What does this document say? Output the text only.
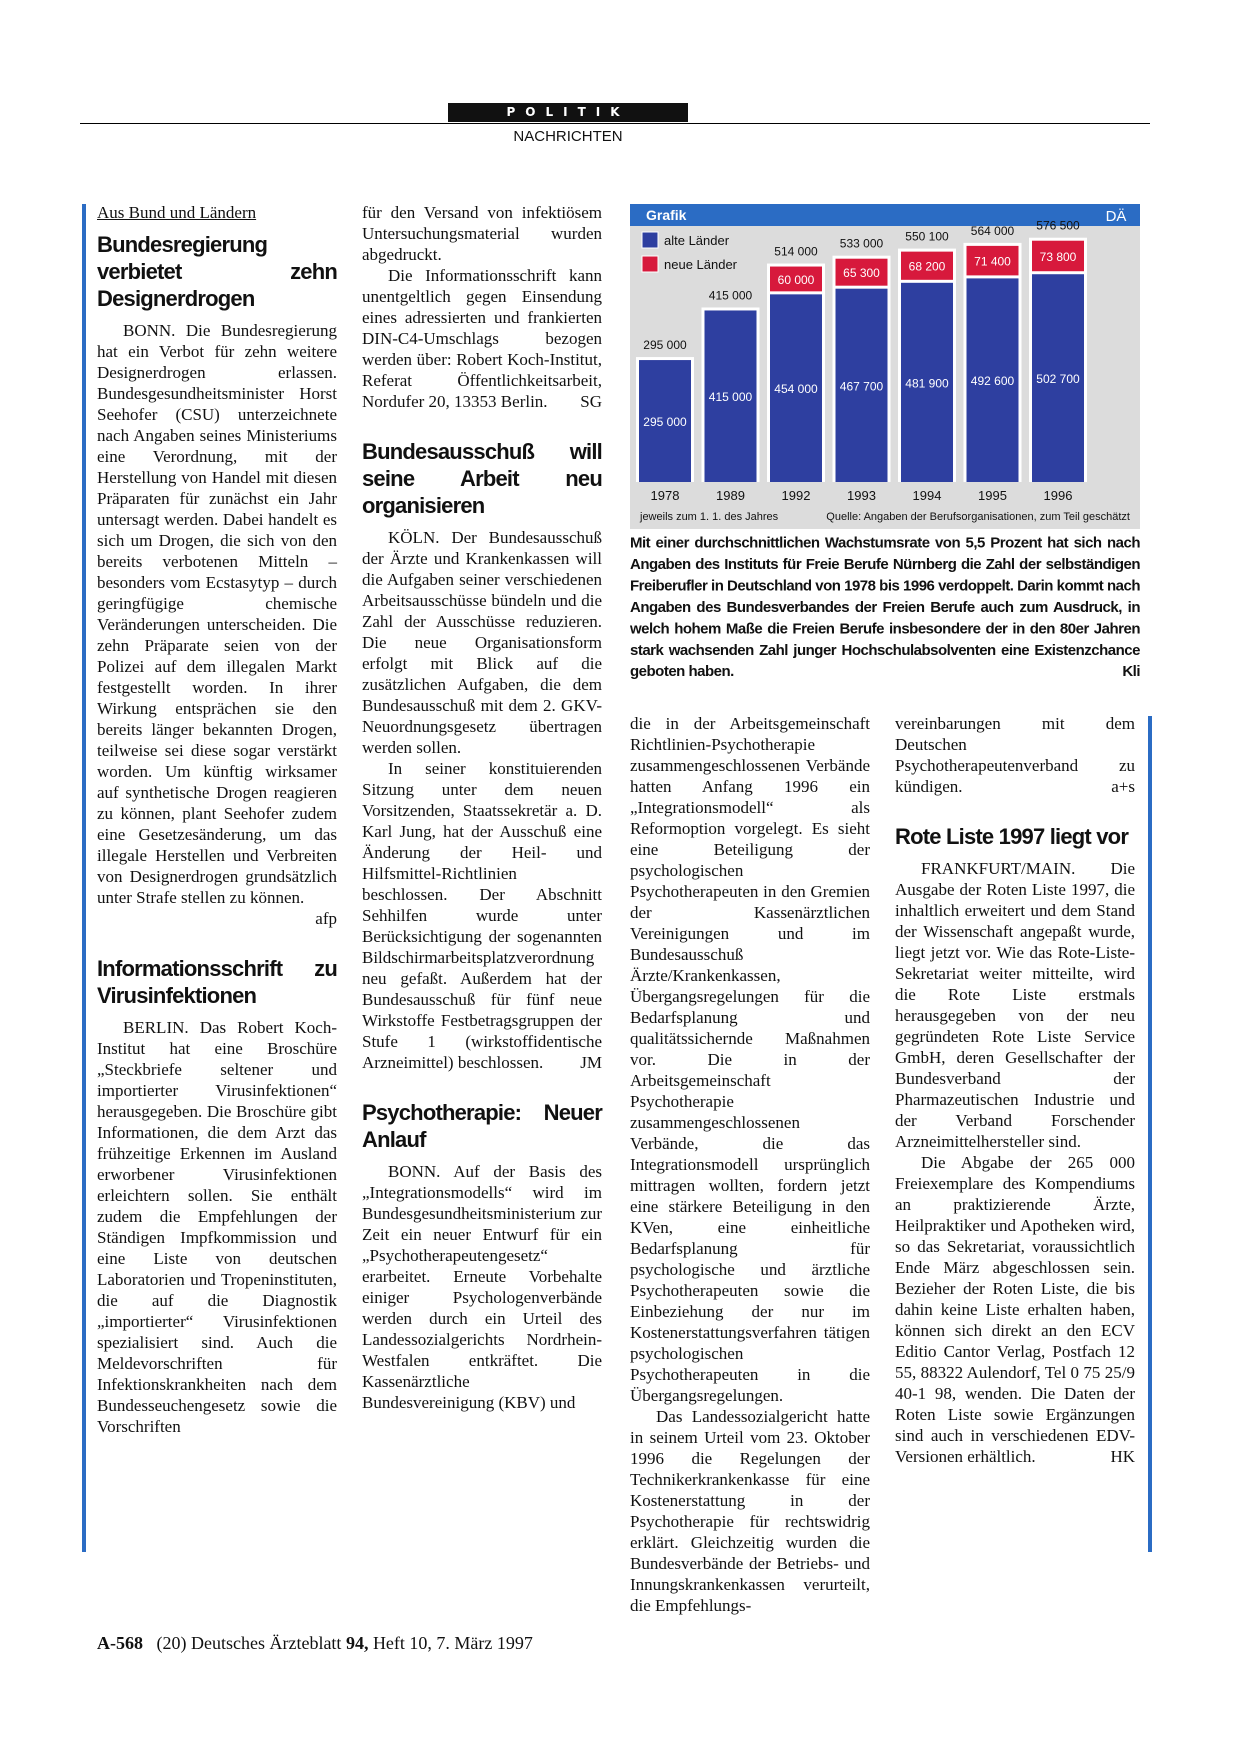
POLITIK
NACHRICHTEN
Aus Bund und Ländern
Bundesregierung verbietet zehn Designerdrogen

BONN. Die Bundesregierung hat ein Verbot für zehn weitere Designerdrogen erlassen. Bundesgesundheitsminister Horst Seehofer (CSU) unterzeichnete nach Angaben seines Ministeriums eine Verordnung, mit der Herstellung von Handel mit diesen Präparaten für zunächst ein Jahr untersagt werden. Dabei handelt es sich um Drogen, die sich von den bereits verbotenen Mitteln – besonders vom Ecstasytyp – durch geringfügige chemische Veränderungen unterscheiden. Die zehn Präparate seien von der Polizei auf dem illegalen Markt festgestellt worden. In ihrer Wirkung entsprächen sie den bereits länger bekannten Drogen, teilweise sei diese sogar verstärkt worden. Um künftig wirksamer auf synthetische Drogen reagieren zu können, plant Seehofer zudem eine Gesetzesänderung, um das illegale Herstellen und Verbreiten von Designerdrogen grundsätzlich unter Strafe stellen zu können.
afp

Informationsschrift zu Virusinfektionen

BERLIN. Das Robert Koch-Institut hat eine Broschüre „Steckbriefe seltener und importierter Virusinfektionen“ herausgegeben. Die Broschüre gibt Informationen, die dem Arzt das frühzeitige Erkennen im Ausland erworbener Virusinfektionen erleichtern sollen. Sie enthält zudem die Empfehlungen der Ständigen Impfkommission und eine Liste von deutschen Laboratorien und Tropeninstituten, die auf die Diagnostik „importierter“ Virusinfektionen spezialisiert sind. Auch die Meldevorschriften für Infektionskrankheiten nach dem Bundesseuchengesetz sowie die Vorschriften

für den Versand von infektiösem Untersuchungsmaterial wurden abgedruckt.

Die Informationsschrift kann unentgeltlich gegen Einsendung eines adressierten und frankierten DIN-C4-Umschlags bezogen werden über: Robert Koch-Institut, Referat Öffentlichkeitsarbeit, Nordufer 20, 13353 Berlin.	SG

Bundesausschuß will seine Arbeit neu organisieren

KÖLN. Der Bundesausschuß der Ärzte und Krankenkassen will die Aufgaben seiner verschiedenen Arbeitsausschüsse bündeln und die Zahl der Ausschüsse reduzieren. Die neue Organisationsform erfolgt mit Blick auf die zusätzlichen Aufgaben, die dem Bundesausschuß mit dem 2. GKV-Neuordnungsgesetz übertragen werden sollen.

In seiner konstituierenden Sitzung unter dem neuen Vorsitzenden, Staatssekretär a. D. Karl Jung, hat der Ausschuß eine Änderung der Heil- und Hilfsmittel-Richtlinien beschlossen. Der Abschnitt Sehhilfen wurde unter Berücksichtigung der sogenannten Bildschirmarbeitsplatzverordnung neu gefaßt. Außerdem hat der Bundesausschuß für fünf neue Wirkstoffe Festbetragsgruppen der Stufe 1 (wirkstoffidentische Arzneimittel) beschlossen.	JM

Psychotherapie: Neuer Anlauf

BONN. Auf der Basis des „Integrationsmodells“ wird im Bundesgesundheitsministerium zur Zeit ein neuer Entwurf für ein „Psychotherapeutengesetz“ erarbeitet. Erneute Vorbehalte einiger Psychologenverbände werden durch ein Urteil des Landessozialgerichts Nordrhein-Westfalen entkräftet. Die Kassenärztliche Bundesvereinigung (KBV) und

Grafik	DÄ
alte Länder
neue Länder
295 000
295 000
1978
415 000
415 000
1989
454 000
60 000
514 000
1992
467 700
65 300
533 000
1993
481 900
68 200
550 100
1994
492 600
71 400
564 000
1995
502 700
73 800
576 500
1996
jeweils zum 1. 1. des Jahres	Quelle: Angaben der Berufsorganisationen, zum Teil geschätzt
Mit einer durchschnittlichen Wachstumsrate von 5,5 Prozent hat sich nach Angaben des Instituts für Freie Berufe Nürnberg die Zahl der selbständigen Freiberufler in Deutschland von 1978 bis 1996 verdoppelt. Darin kommt nach Angaben des Bundesverbandes der Freien Berufe auch zum Ausdruck, in welch hohem Maße die Freien Berufe insbesondere der in den 80er Jahren stark wachsenden Zahl junger Hochschulabsolventen eine Existenzchance geboten haben.	Kli

die in der Arbeitsgemeinschaft Richtlinien-Psychotherapie zusammengeschlossenen Verbände hatten Anfang 1996 ein „Integrationsmodell“ als Reformoption vorgelegt. Es sieht eine Beteiligung der psychologischen Psychotherapeuten in den Gremien der Kassenärztlichen Vereinigungen und im Bundesausschuß Ärzte/Krankenkassen, Übergangsregelungen für die Bedarfsplanung und qualitätssichernde Maßnahmen vor. Die in der Arbeitsgemeinschaft Psychotherapie zusammengeschlossenen Verbände, die das Integrationsmodell ursprünglich mittragen wollten, fordern jetzt eine stärkere Beteiligung in den KVen, eine einheitliche Bedarfsplanung für psychologische und ärztliche Psychotherapeuten sowie die Einbeziehung der nur im Kostenerstattungsverfahren tätigen psychologischen Psychotherapeuten in die Übergangsregelungen.

Das Landessozialgericht hatte in seinem Urteil vom 23. Oktober 1996 die Regelungen der Technikerkrankenkasse für eine Kostenerstattung in der Psychotherapie für rechtswidrig erklärt. Gleichzeitig wurden die Bundesverbände der Betriebs- und Innungskrankenkassen verurteilt, die Empfehlungs-

vereinbarungen mit dem Deutschen Psychotherapeutenverband zu kündigen.	a+s

Rote Liste 1997 liegt vor

FRANKFURT/MAIN. Die Ausgabe der Roten Liste 1997, die inhaltlich erweitert und dem Stand der Wissenschaft angepaßt wurde, liegt jetzt vor. Wie das Rote-Liste-Sekretariat weiter mitteilte, wird die Rote Liste erstmals herausgegeben von der neu gegründeten Rote Liste Service GmbH, deren Gesellschafter der Bundesverband der Pharmazeutischen Industrie und der Verband Forschender Arzneimittelhersteller sind.

Die Abgabe der 265 000 Freiexemplare des Kompendiums an praktizierende Ärzte, Heilpraktiker und Apotheken wird, so das Sekretariat, voraussichtlich Ende März abgeschlossen sein. Bezieher der Roten Liste, die bis dahin keine Liste erhalten haben, können sich direkt an den ECV Editio Cantor Verlag, Postfach 12 55, 88322 Aulendorf, Tel 0 75 25/9 40-1 98, wenden. Die Daten der Roten Liste sowie Ergänzungen sind auch in verschiedenen EDV-Versionen erhältlich.	HK

A-568 (20) Deutsches Ärzteblatt 94, Heft 10, 7. März 1997
